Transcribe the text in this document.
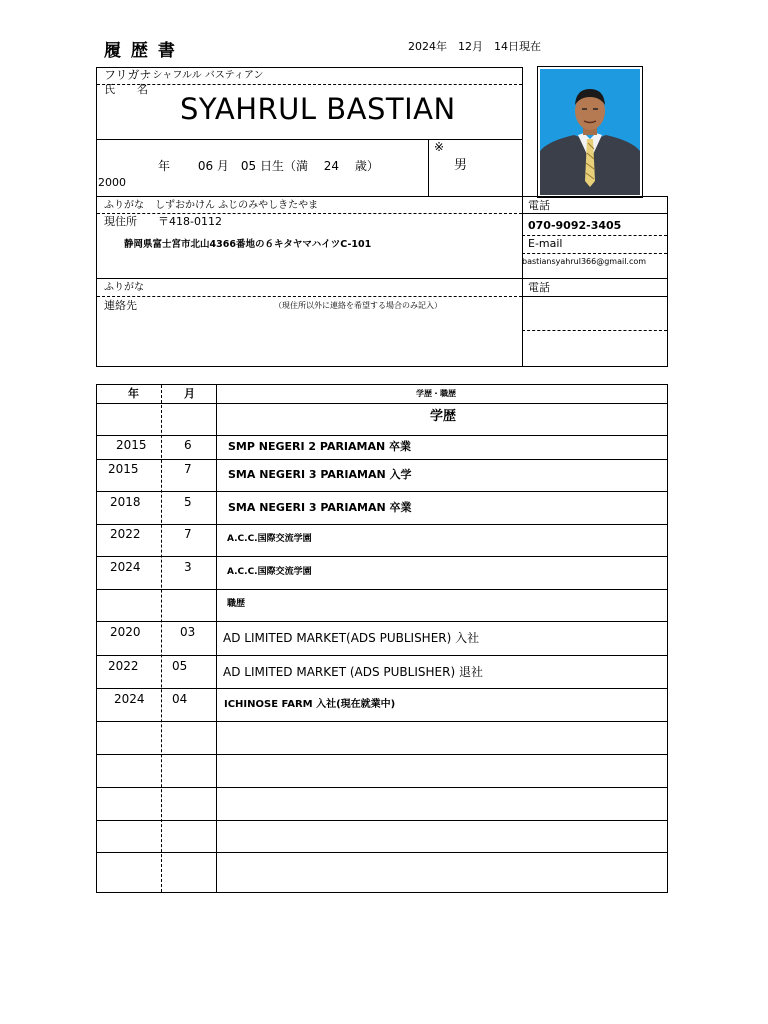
履 歴 書	2024年　12月　14日現在
フリガナ
: シャフルル バスティアン
氏　　名
SYAHRUL BASTIAN
年　　 06 月　05 日生（満　 24　 歳）
2000
※
男
ふりがな しずおかけん ふじのみやしきたやま
現住所 〒418-0112
静岡県富士宮市北山4366番地の６キタヤマハイツC-101
電話
070-9092-3405
E-mail
bastiansyahrul366@gmail.com
ふりがな
連絡先	（現住所以外に連絡を希望する場合のみ記入）
電話
年	月	学歴・職歴
学歴
2015	6	SMP NEGERI 2 PARIAMAN 卒業
2015	7	SMA NEGERI 3 PARIAMAN 入学
2018	5	SMA NEGERI 3 PARIAMAN 卒業
2022	7	A.C.C.国際交流学園
2024	3	A.C.C.国際交流学園
職歴
2020	03 AD LIMITED MARKET(ADS PUBLISHER) 入社
2022	05	AD LIMITED MARKET (ADS PUBLISHER) 退社
2024 04	ICHINOSE FARM 入社(現在就業中)
